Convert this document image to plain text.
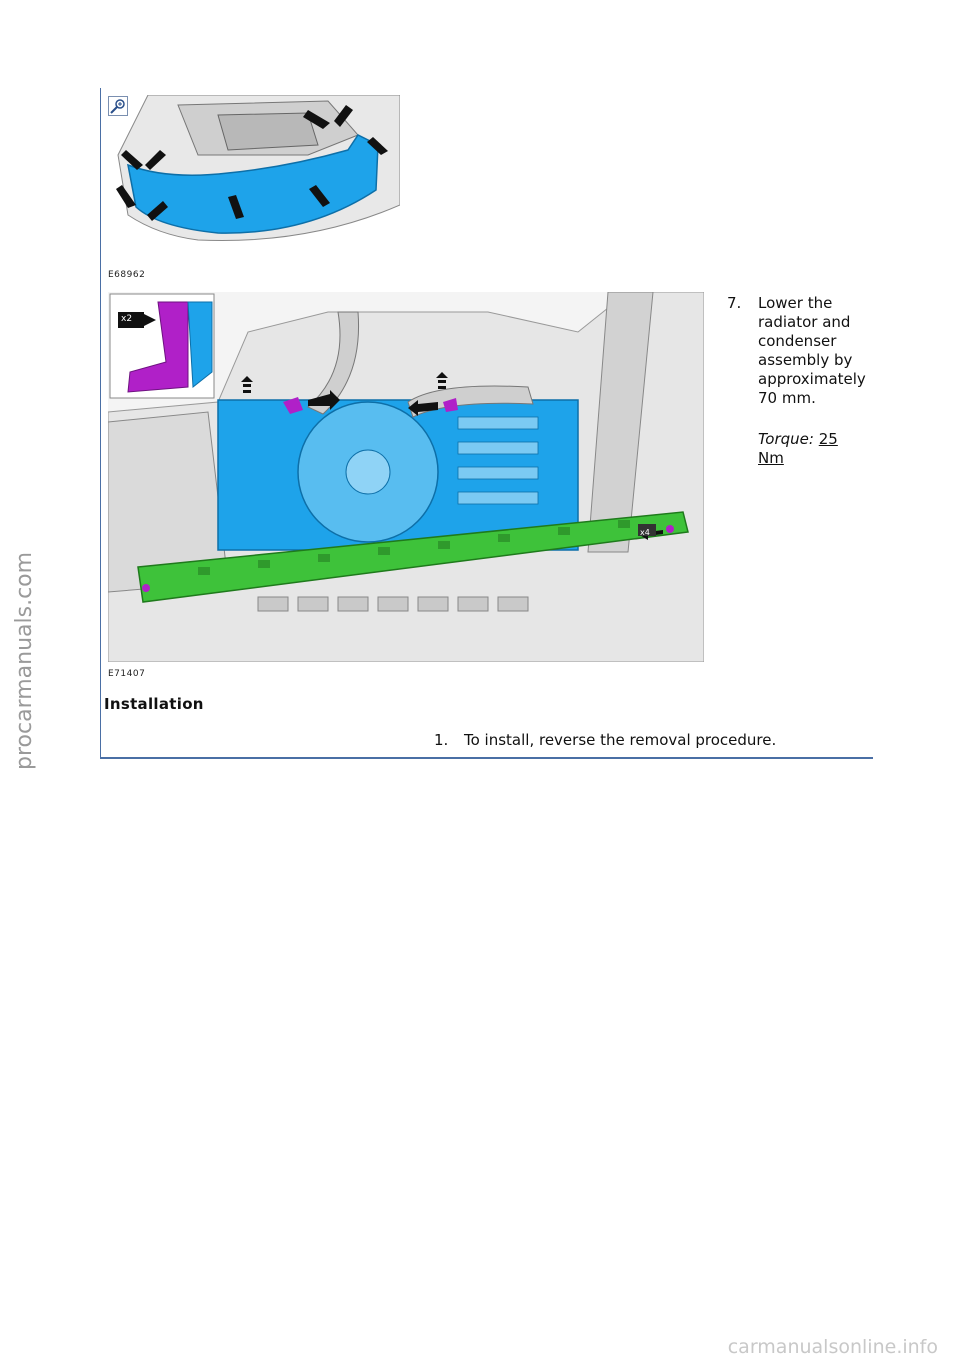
E68962
x2
x4
E71407
7. Lower the radiator and condenser assembly by approximately 70 mm.
Torque: 25 Nm
Installation
1. To install, reverse the removal procedure.
procarmanuals.com
carmanualsonline.info
